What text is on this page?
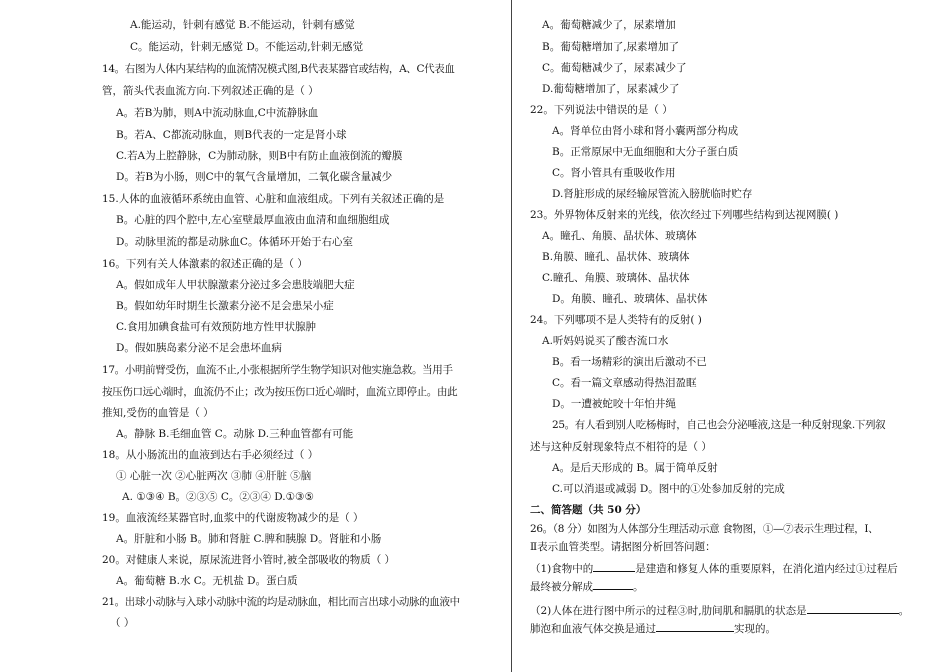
A.能运动，针刺有感觉 B.不能运动，针刺有感觉
C。能运动，针刺无感觉 D。不能运动,针刺无感觉
14。右图为人体内某结构的血流情况模式图,B代表某器官或结构，A、C代表血
管，箭头代表血流方向.下列叙述正确的是（ ）
A。若B为肺，则A中流动脉血,C中流静脉血
B。若A、C都流动脉血，则B代表的一定是肾小球
C.若A为上腔静脉，C为肺动脉，则B中有防止血液倒流的瓣膜
D。若B为小肠，则C中的氧气含量增加，二氧化碳含量减少
15.人体的血液循环系统由血管、心脏和血液组成。下列有关叙述正确的是
B。心脏的四个腔中,左心室壁最厚血液由血清和血细胞组成
D。动脉里流的都是动脉血C。体循环开始于右心室
16。下列有关人体激素的叙述正确的是（ ）
A。假如成年人甲状腺激素分泌过多会患肢端肥大症
B。假如幼年时期生长激素分泌不足会患呆小症
C.食用加碘食盐可有效预防地方性甲状腺肿
D。假如胰岛素分泌不足会患坏血病
17。小明前臂受伤，血流不止,小张根据所学生物学知识对他实施急救。当用手
按压伤口远心端时，血流仍不止；改为按压伤口近心端时，血流立即停止。由此
推知,受伤的血管是（ ）
A。静脉 B.毛细血管 C。动脉 D.三种血管都有可能
18。从小肠流出的血液到达右手必须经过（ ）
① 心脏一次 ②心脏两次 ③肺 ④肝脏 ⑤脑
A. ①③④ B。②③⑤ C。②③④ D.①③⑤
19。血液流经某器官时,血浆中的代谢废物减少的是（ ）
A。肝脏和小肠 B。肺和肾脏 C.脾和胰腺 D。肾脏和小肠
20。对健康人来说，原尿流进肾小管时,被全部吸收的物质（ ）
A。葡萄糖 B.水 C。无机盐 D。蛋白质
21。出球小动脉与入球小动脉中流的均是动脉血，相比而言出球小动脉的血液中
（ ）
A。葡萄糖减少了，尿素增加
B。葡萄糖增加了,尿素增加了
C。葡萄糖减少了，尿素减少了
D.葡萄糖增加了，尿素减少了
22。下列说法中错误的是（ ）
A。肾单位由肾小球和肾小囊两部分构成
B。正常原尿中无血细胞和大分子蛋白质
C。肾小管具有重吸收作用
D.肾脏形成的尿经输尿管流入膀胱临时贮存
23。外界物体反射来的光线，依次经过下列哪些结构到达视网膜( )
A。瞳孔、角膜、晶状体、玻璃体
B.角膜、瞳孔、晶状体、玻璃体
C.瞳孔、角膜、玻璃体、晶状体
D。角膜、瞳孔、玻璃体、晶状体
24。下列哪项不是人类特有的反射( )
A.听妈妈说买了酸杏流口水
B。看一场精彩的演出后激动不已
C。看一篇文章感动得热泪盈眶
D。一遭被蛇咬十年怕井绳
25。有人看到别人吃杨梅时，自己也会分泌唾液,这是一种反射现象.下列叙
述与这种反射现象特点不相符的是（ ）
A。是后天形成的 B。属于简单反射
C.可以消退或减弱 D。图中的①处参加反射的完成
二、简答题（共 50 分）
26。（8 分）如图为人体部分生理活动示意 食物图，①—⑦表示生理过程，I、
Ⅱ表示血管类型。请据图分析回答问题：
（1)食物中的	是建造和修复人体的重要原料，在消化道内经过①过程后
最终被分解成	。
（2)人体在进行图中所示的过程③时,肋间肌和膈肌的状态是	。
肺泡和血液气体交换是通过	实现的。
